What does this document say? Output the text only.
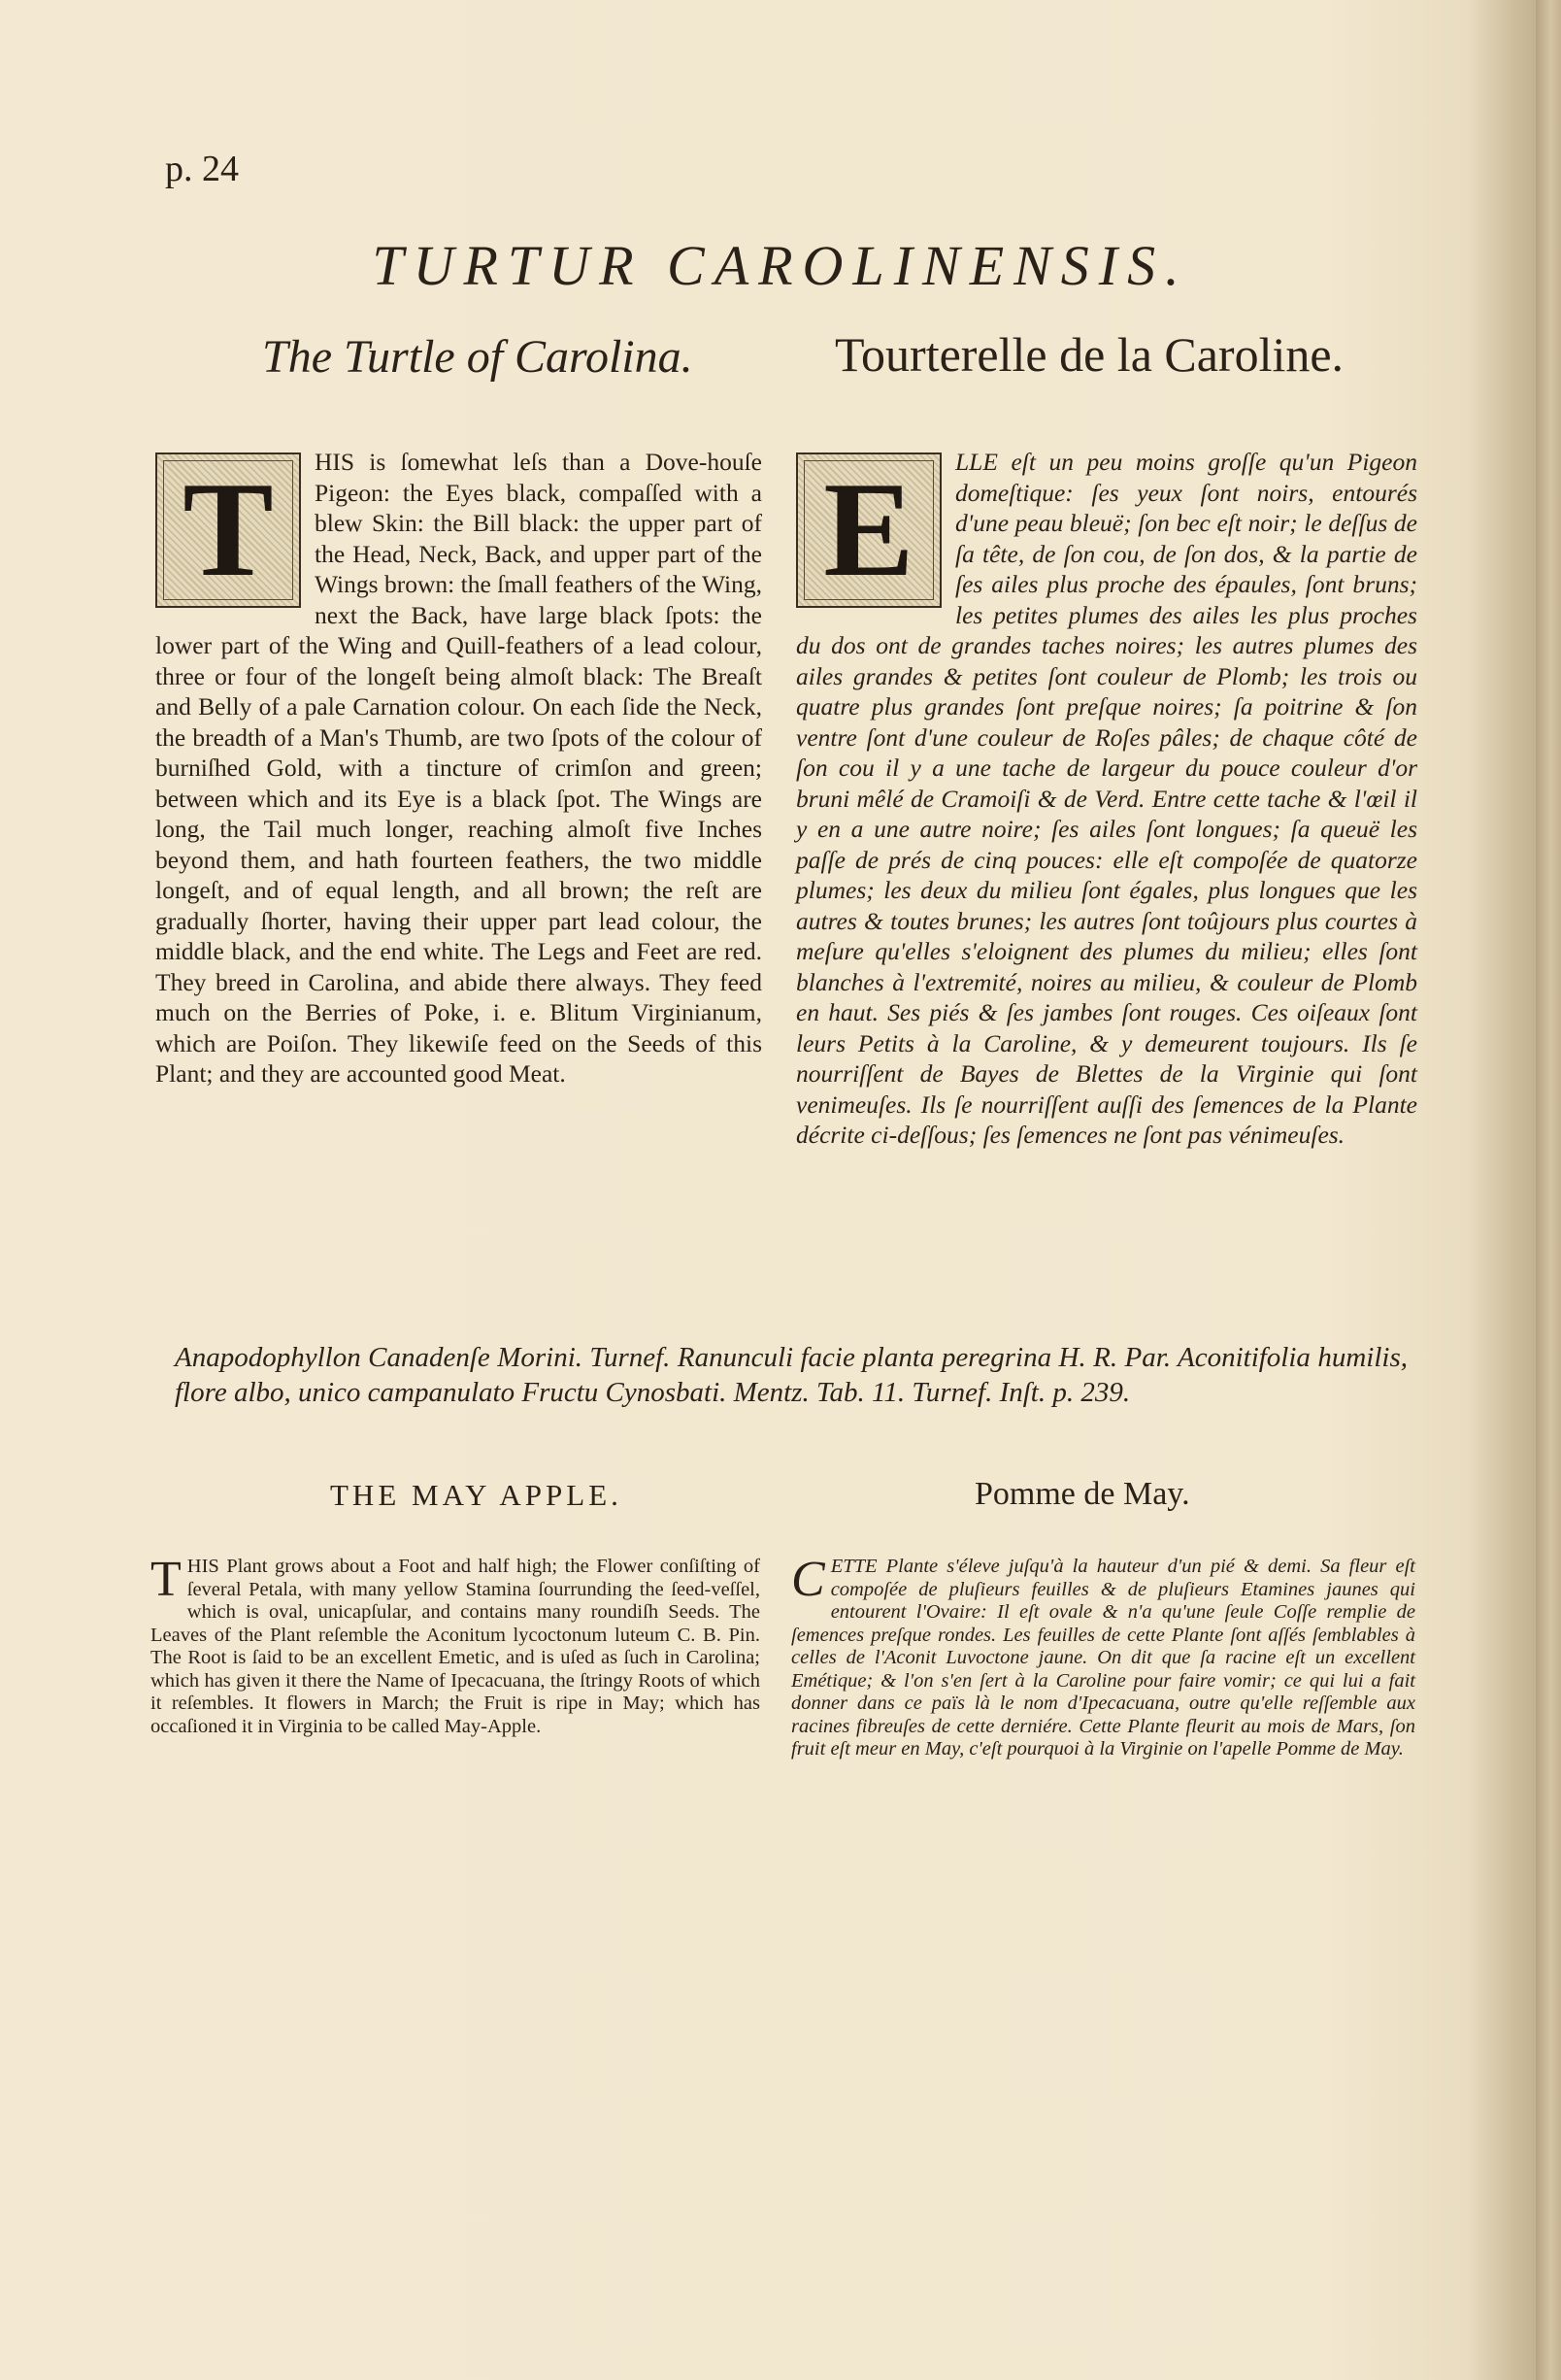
p. 24
TURTUR CAROLINENSIS.
The Turtle of Carolina.	Tourterelle de la Caroline.
T HIS is ſomewhat leſs than a Dove-houſe Pigeon: the Eyes black, compaſſed with a blew Skin: the Bill black: the upper part of the Head, Neck, Back, and upper part of the Wings brown: the ſmall feathers of the Wing, next the Back, have large black ſpots: the lower part of the Wing and Quill-feathers of a lead colour, three or four of the longeſt being almoſt black: The Breaſt and Belly of a pale Carnation colour. On each ſide the Neck, the breadth of a Man's Thumb, are two ſpots of the colour of burniſhed Gold, with a tincture of crimſon and green; between which and its Eye is a black ſpot. The Wings are long, the Tail much longer, reaching almoſt five Inches beyond them, and hath fourteen feathers, the two middle longeſt, and of equal length, and all brown; the reſt are gradually ſhorter, having their upper part lead colour, the middle black, and the end white. The Legs and Feet are red. They breed in Carolina, and abide there always. They feed much on the Berries of Poke, i. e. Blitum Virginianum, which are Poiſon. They likewiſe feed on the Seeds of this Plant; and they are accounted good Meat.
E LLE eſt un peu moins groſſe qu'un Pigeon domeſtique: ſes yeux ſont noirs, entourés d'une peau bleuë; ſon bec eſt noir; le deſſus de ſa tête, de ſon cou, de ſon dos, & la partie de ſes ailes plus proche des épaules, ſont bruns; les petites plumes des ailes les plus proches du dos ont de grandes taches noires; les autres plumes des ailes grandes & petites ſont couleur de Plomb; les trois ou quatre plus grandes ſont preſque noires; ſa poitrine & ſon ventre ſont d'une couleur de Roſes pâles; de chaque côté de ſon cou il y a une tache de largeur du pouce couleur d'or bruni mêlé de Cramoiſi & de Verd. Entre cette tache & l'œil il y en a une autre noire; ſes ailes ſont longues; ſa queuë les paſſe de prés de cinq pouces: elle eſt compoſée de quatorze plumes; les deux du milieu ſont égales, plus longues que les autres & toutes brunes; les autres ſont toûjours plus courtes à meſure qu'elles s'eloignent des plumes du milieu; elles ſont blanches à l'extremité, noires au milieu, & couleur de Plomb en haut. Ses piés & ſes jambes ſont rouges. Ces oiſeaux ſont leurs Petits à la Caroline, & y demeurent toujours. Ils ſe nourriſſent de Bayes de Blettes de la Virginie qui ſont venimeuſes. Ils ſe nourriſſent auſſi des ſemences de la Plante décrite ci-deſſous; ſes ſemences ne ſont pas vénimeuſes.
Anapodophyllon Canadenſe Morini. Turnef. Ranunculi facie planta peregrina H. R. Par. Aconitifolia humilis, flore albo, unico campanulato Fructu Cynosbati. Mentz. Tab. 11. Turnef. Inſt. p. 239.
THE MAY APPLE.	Pomme de May.
T HIS Plant grows about a Foot and half high; the Flower conſiſting of ſeveral Petala, with many yellow Stamina ſourrunding the ſeed-veſſel, which is oval, unicapſular, and contains many roundiſh Seeds. The Leaves of the Plant reſemble the Aconitum lycoctonum luteum C. B. Pin. The Root is ſaid to be an excellent Emetic, and is uſed as ſuch in Carolina; which has given it there the Name of Ipecacuana, the ſtringy Roots of which it reſembles. It flowers in March; the Fruit is ripe in May; which has occaſioned it in Virginia to be called May-Apple.
C ETTE Plante s'éleve juſqu'à la hauteur d'un pié & demi. Sa fleur eſt compoſée de pluſieurs feuilles & de pluſieurs Etamines jaunes qui entourent l'Ovaire: Il eſt ovale & n'a qu'une ſeule Coſſe remplie de ſemences preſque rondes. Les feuilles de cette Plante ſont aſſés ſemblables à celles de l'Aconit Luvoctone jaune. On dit que ſa racine eſt un excellent Emétique; & l'on s'en ſert à la Caroline pour faire vomir; ce qui lui a fait donner dans ce païs là le nom d'Ipecacuana, outre qu'elle reſſemble aux racines fibreuſes de cette derniére. Cette Plante fleurit au mois de Mars, ſon fruit eſt meur en May, c'eſt pourquoi à la Virginie on l'apelle Pomme de May.
